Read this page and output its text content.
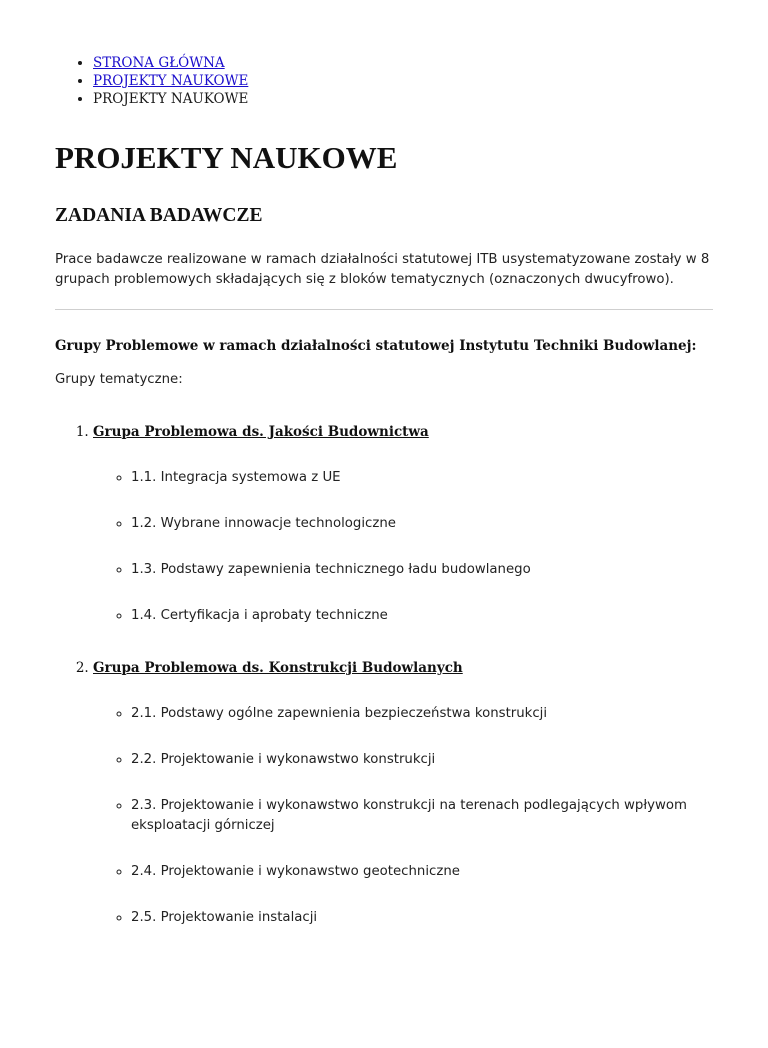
• STRONA GŁÓWNA
• PROJEKTY NAUKOWE
• PROJEKTY NAUKOWE
PROJEKTY NAUKOWE
ZADANIA BADAWCZE

Prace badawcze realizowane w ramach działalności statutowej ITB usystematyzowane zostały w 8 grupach problemowych składających się z bloków tematycznych (oznaczonych dwucyfrowo).

Grupy Problemowe w ramach działalności statutowej Instytutu Techniki Budowlanej:

Grupy tematyczne:

1. Grupa Problemowa ds. Jakości Budownictwa
◦ 1.1. Integracja systemowa z UE
◦ 1.2. Wybrane innowacje technologiczne
◦ 1.3. Podstawy zapewnienia technicznego ładu budowlanego
◦ 1.4. Certyfikacja i aprobaty techniczne
2. Grupa Problemowa ds. Konstrukcji Budowlanych
◦ 2.1. Podstawy ogólne zapewnienia bezpieczeństwa konstrukcji
◦ 2.2. Projektowanie i wykonawstwo konstrukcji
◦ 2.3. Projektowanie i wykonawstwo konstrukcji na terenach podlegających wpływom eksploatacji górniczej
◦ 2.4. Projektowanie i wykonawstwo geotechniczne
◦ 2.5. Projektowanie instalacji
